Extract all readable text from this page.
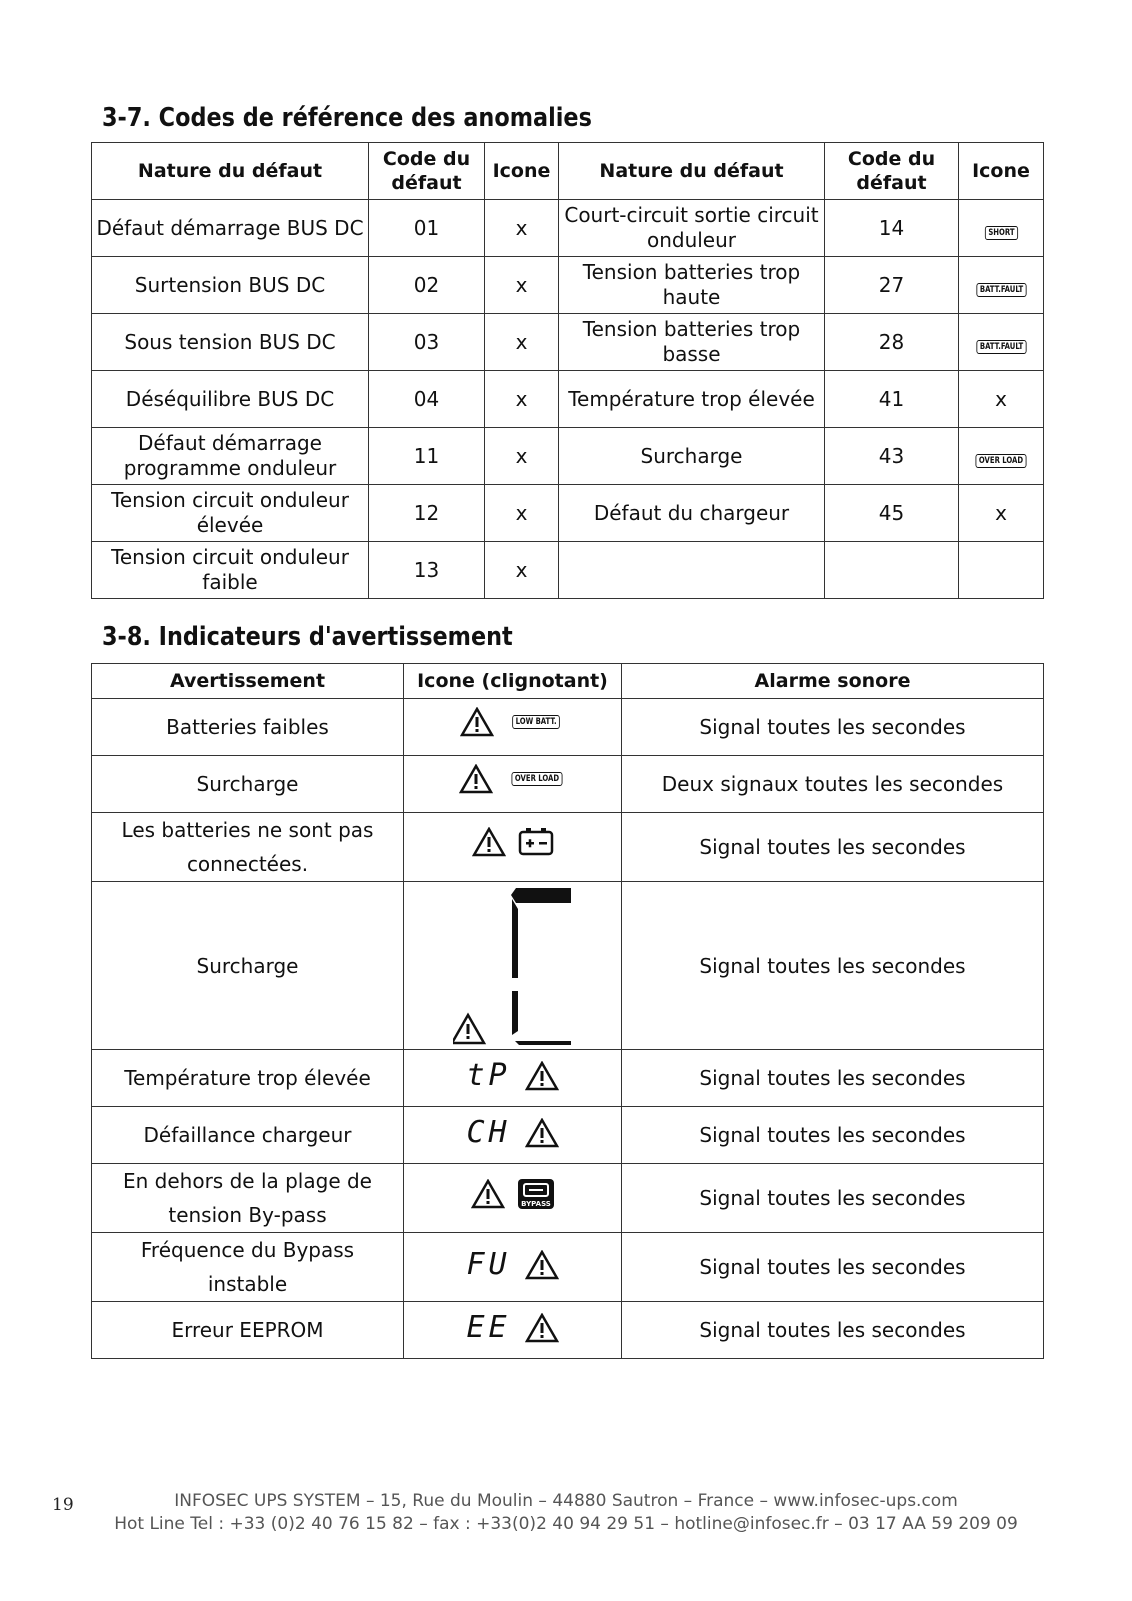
3-7. Codes de référence des anomalies
Nature du défaut	Code du défaut	Icone	Nature du défaut	Code du défaut	Icone
Défaut démarrage BUS DC	01	x	Court-circuit sortie circuit onduleur	14	SHORT
Surtension BUS DC	02	x	Tension batteries trop haute	27	BATT.FAULT
Sous tension BUS DC	03	x	Tension batteries trop basse	28	BATT.FAULT
Déséquilibre BUS DC	04	x	Température trop élevée	41	x
Défaut démarrage programme onduleur	11	x	Surcharge	43	OVER LOAD
Tension circuit onduleur élevée	12	x	Défaut du chargeur	45	x
Tension circuit onduleur faible	13	x			
3-8. Indicateurs d'avertissement
Avertissement	Icone (clignotant)	Alarme sonore
Batteries faibles	LOW BATT.	Signal toutes les secondes
Surcharge	OVER LOAD	Deux signaux toutes les secondes
Les batteries ne sont pas connectées.		Signal toutes les secondes
Surcharge		Signal toutes les secondes
Température trop élevée	tP	Signal toutes les secondes
Défaillance chargeur	CH	Signal toutes les secondes
En dehors de la plage de tension By-pass	BYPASS	Signal toutes les secondes
Fréquence du Bypass instable	FU	Signal toutes les secondes
Erreur EEPROM	EE	Signal toutes les secondes
19	INFOSEC UPS SYSTEM – 15, Rue du Moulin – 44880 Sautron – France – www.infosec-ups.com
Hot Line Tel : +33 (0)2 40 76 15 82 – fax : +33(0)2 40 94 29 51 – hotline@infosec.fr – 03 17 AA 59 209 09
